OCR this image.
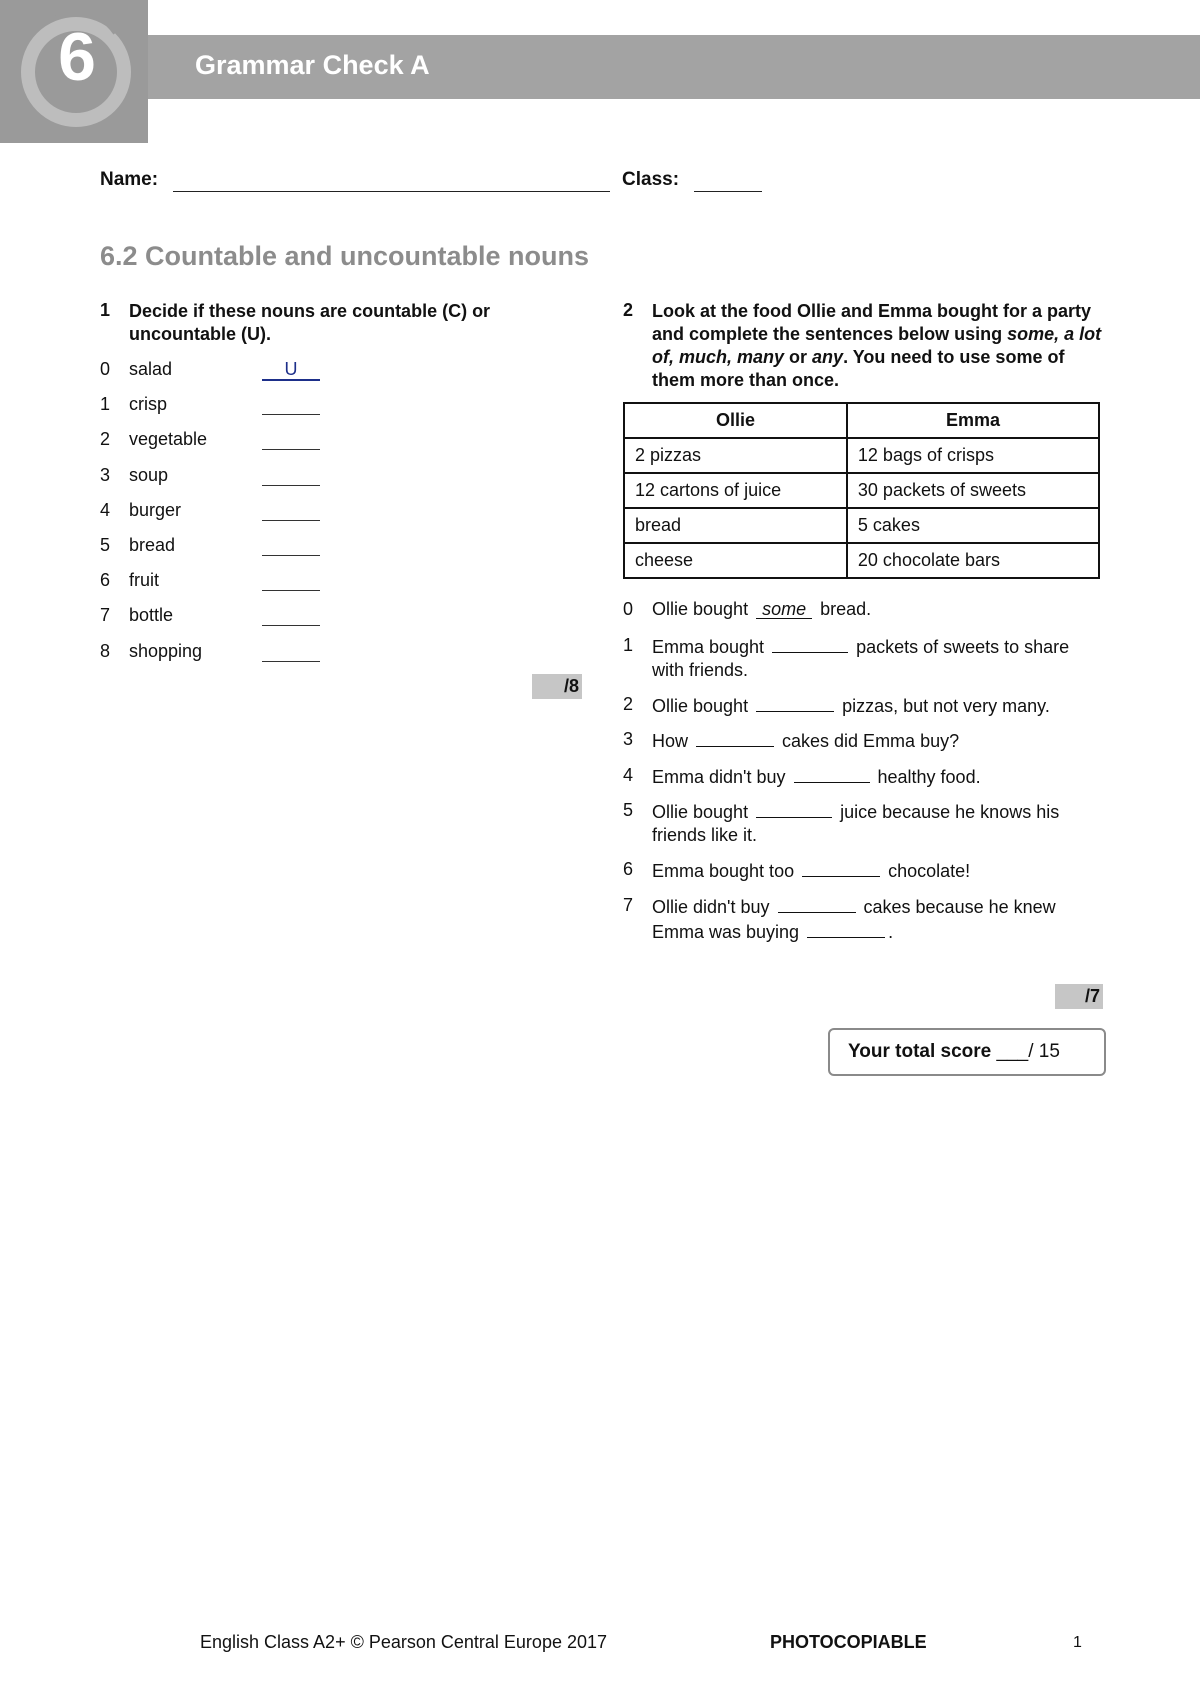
6	Grammar Check A
Name:	Class:
6.2 Countable and uncountable nouns
1 Decide if these nouns are countable (C) or uncountable (U).
0 salad	U
1 crisp
2 vegetable
3 soup
4 burger
5 bread
6 fruit
7 bottle
8 shopping
/8
2 Look at the food Ollie and Emma bought for a party and complete the sentences below using some, a lot of, much, many or any. You need to use some of them more than once.
Ollie	Emma
2 pizzas	12 bags of crisps
12 cartons of juice	30 packets of sweets
bread	5 cakes
cheese	20 chocolate bars
0 Ollie bought some bread.
1 Emma bought	packets of sweets to share with friends.
2 Ollie bought	pizzas, but not very many.
3 How	cakes did Emma buy?
4 Emma didn't buy	healthy food.
5 Ollie bought	juice because he knows his friends like it.
6 Emma bought too	chocolate!
7 Ollie didn't buy	cakes because he knew Emma was buying	.
/7
Your total score ___/ 15
English Class A2+ © Pearson Central Europe 2017	PHOTOCOPIABLE	1
